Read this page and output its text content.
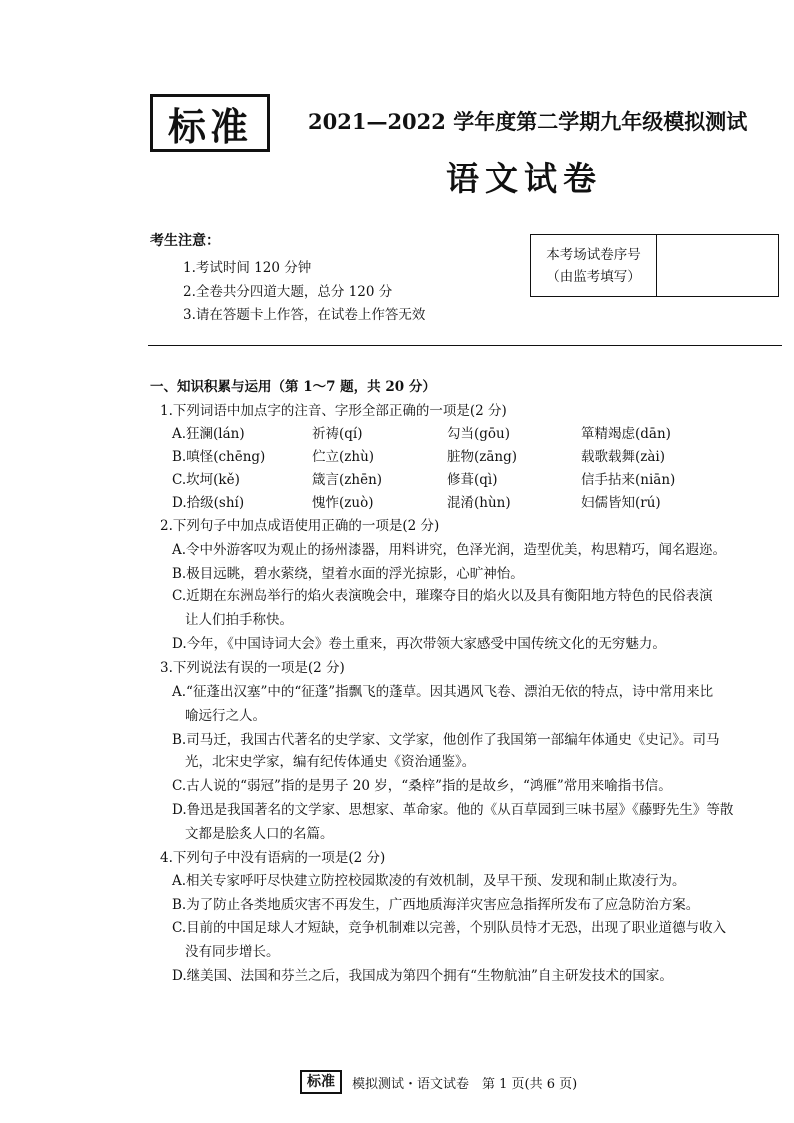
标准	2021—2022 学年度第二学期九年级模拟测试
语文试卷
考生注意：
1.考试时间 120 分钟
2.全卷共分四道大题，总分 120 分
3.请在答题卡上作答，在试卷上作答无效
本考场试卷序号
（由监考填写）
一、知识积累与运用（第 1～7 题，共 20 分）
1.下列词语中加点字的注音、字形全部正确的一项是(2 分)
A.狂澜(lán)	祈祷(qí)	勾当(gōu)	箪精竭虑(dān)
B.嗔怪(chēng)	伫立(zhù)	脏物(zāng)	载歌载舞(zài)
C.坎坷(kě)	箴言(zhēn)	修葺(qì)	信手拈来(niān)
D.拾级(shí)	愧怍(zuò)	混淆(hùn)	妇儒皆知(rú)
2.下列句子中加点成语使用正确的一项是(2 分)
A.令中外游客叹为观止的扬州漆器，用料讲究，色泽光润，造型优美，构思精巧，闻名遐迩。
B.极目远眺，碧水萦绕，望着水面的浮光掠影，心旷神怡。
C.近期在东洲岛举行的焰火表演晚会中，璀璨夺目的焰火以及具有衡阳地方特色的民俗表演
让人们拍手称快。
D.今年，《中国诗词大会》卷土重来，再次带领大家感受中国传统文化的无穷魅力。
3.下列说法有误的一项是(2 分)
A.“征蓬出汉塞”中的“征蓬”指飘飞的蓬草。因其遇风飞卷、漂泊无依的特点，诗中常用来比
喻远行之人。
B.司马迁，我国古代著名的史学家、文学家，他创作了我国第一部编年体通史《史记》。司马
光，北宋史学家，编有纪传体通史《资治通鉴》。
C.古人说的“弱冠”指的是男子 20 岁，“桑梓”指的是故乡，“鸿雁”常用来喻指书信。
D.鲁迅是我国著名的文学家、思想家、革命家。他的《从百草园到三味书屋》《藤野先生》等散
文都是脍炙人口的名篇。
4.下列句子中没有语病的一项是(2 分)
A.相关专家呼吁尽快建立防控校园欺凌的有效机制，及早干预、发现和制止欺凌行为。
B.为了防止各类地质灾害不再发生，广西地质海洋灾害应急指挥所发布了应急防治方案。
C.目前的中国足球人才短缺，竞争机制难以完善，个别队员恃才无恐，出现了职业道德与收入
没有同步增长。
D.继美国、法国和芬兰之后，我国成为第四个拥有“生物航油”自主研发技术的国家。
标准	模拟测试・语文试卷　第 1 页(共 6 页)
